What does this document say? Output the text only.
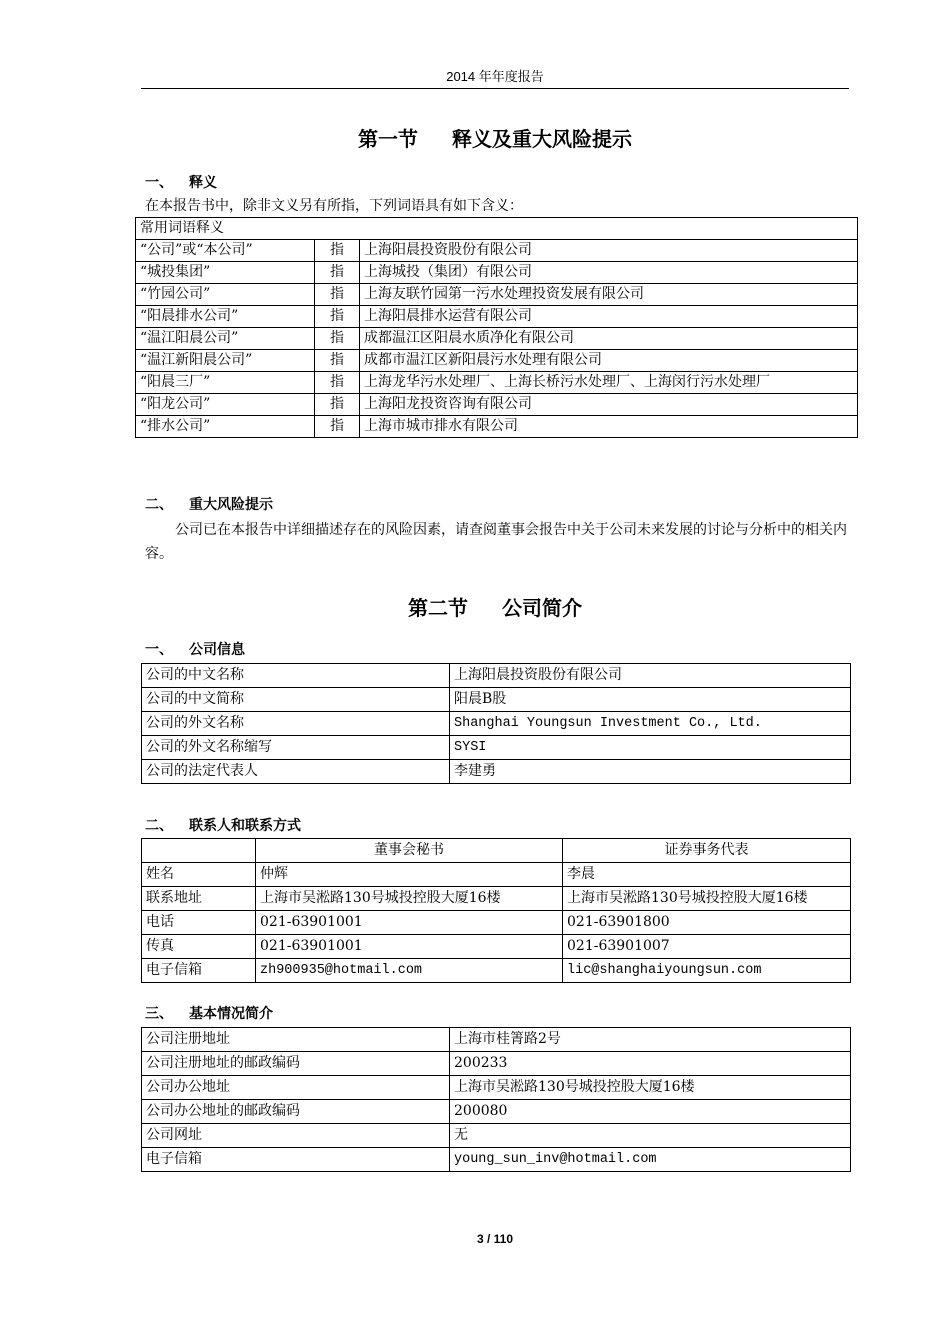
2014 年年度报告
第一节 释义及重大风险提示
一、 释义
在本报告书中，除非文义另有所指，下列词语具有如下含义：
常用词语释义		
“公司”或“本公司”	指	上海阳晨投资股份有限公司
“城投集团”	指	上海城投（集团）有限公司
“竹园公司”	指	上海友联竹园第一污水处理投资发展有限公司
“阳晨排水公司”	指	上海阳晨排水运营有限公司
“温江阳晨公司”	指	成都温江区阳晨水质净化有限公司
“温江新阳晨公司”	指	成都市温江区新阳晨污水处理有限公司
“阳晨三厂”	指	上海龙华污水处理厂、上海长桥污水处理厂、上海闵行污水处理厂
“阳龙公司”	指	上海阳龙投资咨询有限公司
“排水公司”	指	上海市城市排水有限公司
二、 重大风险提示
公司已在本报告中详细描述存在的风险因素，请查阅董事会报告中关于公司未来发展的讨论与分析中的相关内容。
第二节 公司简介
一、 公司信息
公司的中文名称	上海阳晨投资股份有限公司
公司的中文简称	阳晨B股
公司的外文名称	Shanghai Youngsun Investment Co., Ltd.
公司的外文名称缩写	SYSI
公司的法定代表人	李建勇
二、 联系人和联系方式
	董事会秘书	证券事务代表
姓名	仲辉	李晨
联系地址	上海市吴淞路130号城投控股大厦16楼	上海市吴淞路130号城投控股大厦16楼
电话	021-63901001	021-63901800
传真	021-63901001	021-63901007
电子信箱	zh900935@hotmail.com	lic@shanghaiyoungsun.com
三、 基本情况简介
公司注册地址	上海市桂箐路2号
公司注册地址的邮政编码	200233
公司办公地址	上海市吴淞路130号城投控股大厦16楼
公司办公地址的邮政编码	200080
公司网址	无
电子信箱	young_sun_inv@hotmail.com
3 / 110
